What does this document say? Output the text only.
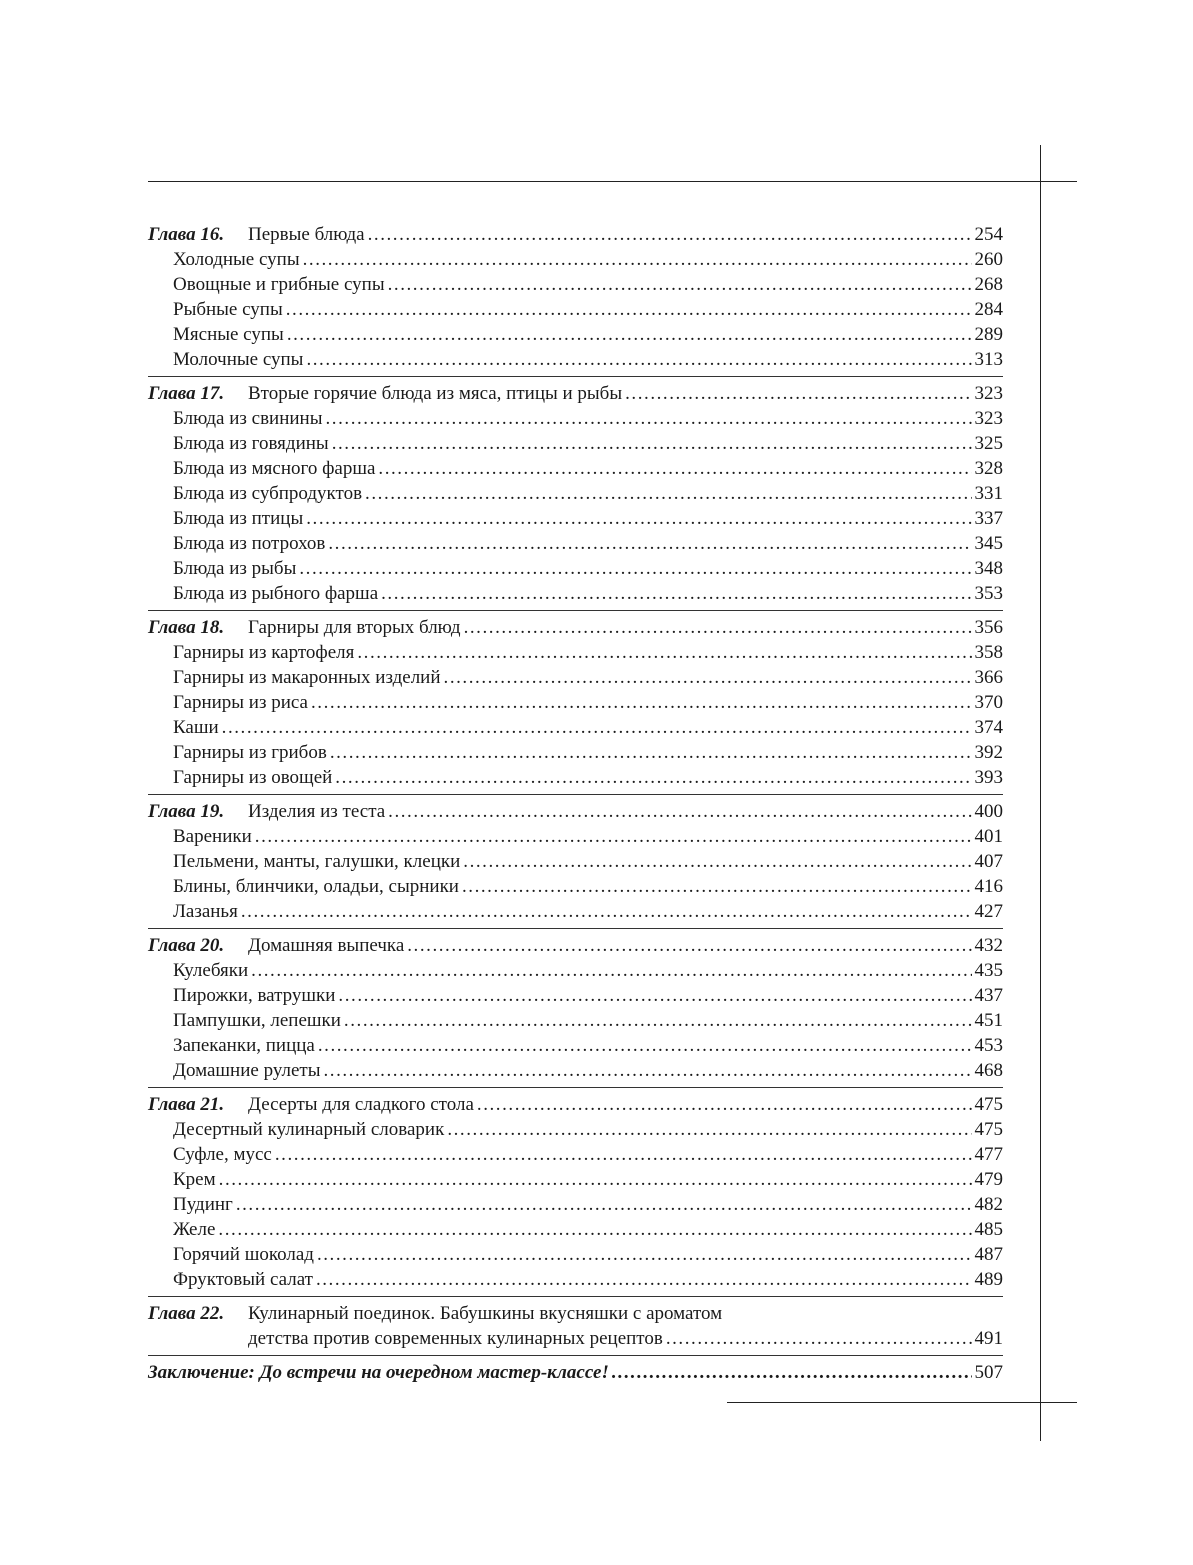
Глава 16.	Первые блюда . . .	254
Холодные супы . . .	260
Овощные и грибные супы . . .	268
Рыбные супы . . .	284
Мясные супы . . .	289
Молочные супы . . .	313
Глава 17.	Вторые горячие блюда из мяса, птицы и рыбы . . .	323
Блюда из свинины . . .	323
Блюда из говядины . . .	325
Блюда из мясного фарша . . .	328
Блюда из субпродуктов . . .	331
Блюда из птицы . . .	337
Блюда из потрохов . . .	345
Блюда из рыбы . . .	348
Блюда из рыбного фарша . . .	353
Глава 18.	Гарниры для вторых блюд . . .	356
Гарниры из картофеля . . .	358
Гарниры из макаронных изделий . . .	366
Гарниры из риса . . .	370
Каши . . .	374
Гарниры из грибов . . .	392
Гарниры из овощей . . .	393
Глава 19.	Изделия из теста . . .	400
Вареники . . .	401
Пельмени, манты, галушки, клецки . . .	407
Блины, блинчики, оладьи, сырники . . .	416
Лазанья . . .	427
Глава 20.	Домашняя выпечка . . .	432
Кулебяки . . .	435
Пирожки, ватрушки . . .	437
Пампушки, лепешки . . .	451
Запеканки, пицца . . .	453
Домашние рулеты . . .	468
Глава 21.	Десерты для сладкого стола . . .	475
Десертный кулинарный словарик . . .	475
Суфле, мусс . . .	477
Крем . . .	479
Пудинг . . .	482
Желе . . .	485
Горячий шоколад . . .	487
Фруктовый салат . . .	489
Глава 22.	Кулинарный поединок. Бабушкины вкусняшки с ароматом
детства против современных кулинарных рецептов . . .	491
Заключение: До встречи на очередном мастер-классе! . . .	507
